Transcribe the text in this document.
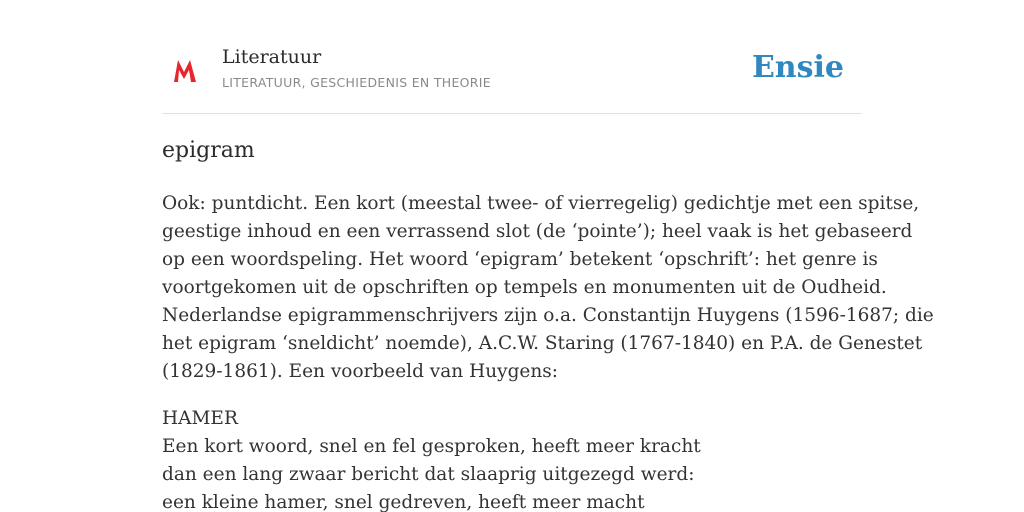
Literatuur
LITERATUUR, GESCHIEDENIS EN THEORIE	Ensie
epigram
Ook: puntdicht. Een kort (meestal twee- of vierregelig) gedichtje met een spitse,
geestige inhoud en een verrassend slot (de ‘pointe’); heel vaak is het gebaseerd
op een woordspeling. Het woord ‘epigram’ betekent ‘opschrift’: het genre is
voortgekomen uit de opschriften op tempels en monumenten uit de Oudheid.
Nederlandse epigrammenschrijvers zijn o.a. Constantijn Huygens (1596-1687; die
het epigram ‘sneldicht’ noemde), A.C.W. Staring (1767-1840) en P.A. de Genestet
(1829-1861). Een voorbeeld van Huygens:
HAMER
Een kort woord, snel en fel gesproken, heeft meer kracht
dan een lang zwaar bericht dat slaaprig uitgezegd werd:
een kleine hamer, snel gedreven, heeft meer macht
